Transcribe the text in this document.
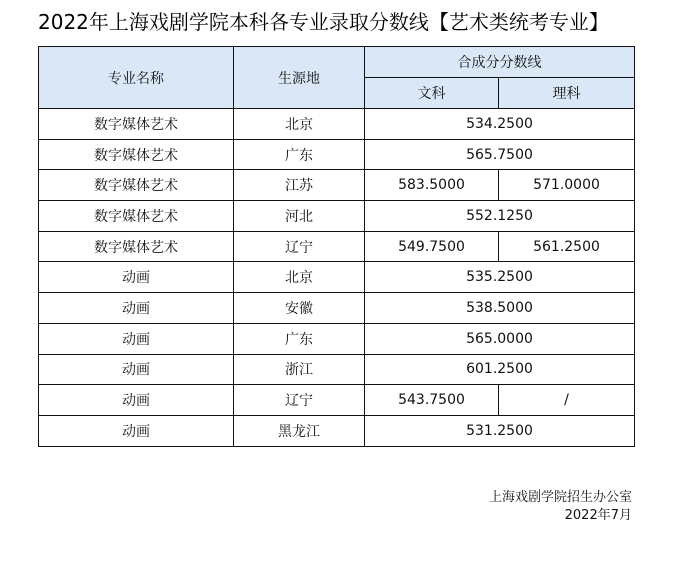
2022年上海戏剧学院本科各专业录取分数线【艺术类统考专业】
专业名称	生源地	合成分分数线	
		文科	理科
数字媒体艺术	北京	534.2500	
数字媒体艺术	广东	565.7500	
数字媒体艺术	江苏	583.5000	571.0000
数字媒体艺术	河北	552.1250	
数字媒体艺术	辽宁	549.7500	561.2500
动画	北京	535.2500	
动画	安徽	538.5000	
动画	广东	565.0000	
动画	浙江	601.2500	
动画	辽宁	543.7500	/
动画	黑龙江	531.2500	
上海戏剧学院招生办公室
2022年7月
